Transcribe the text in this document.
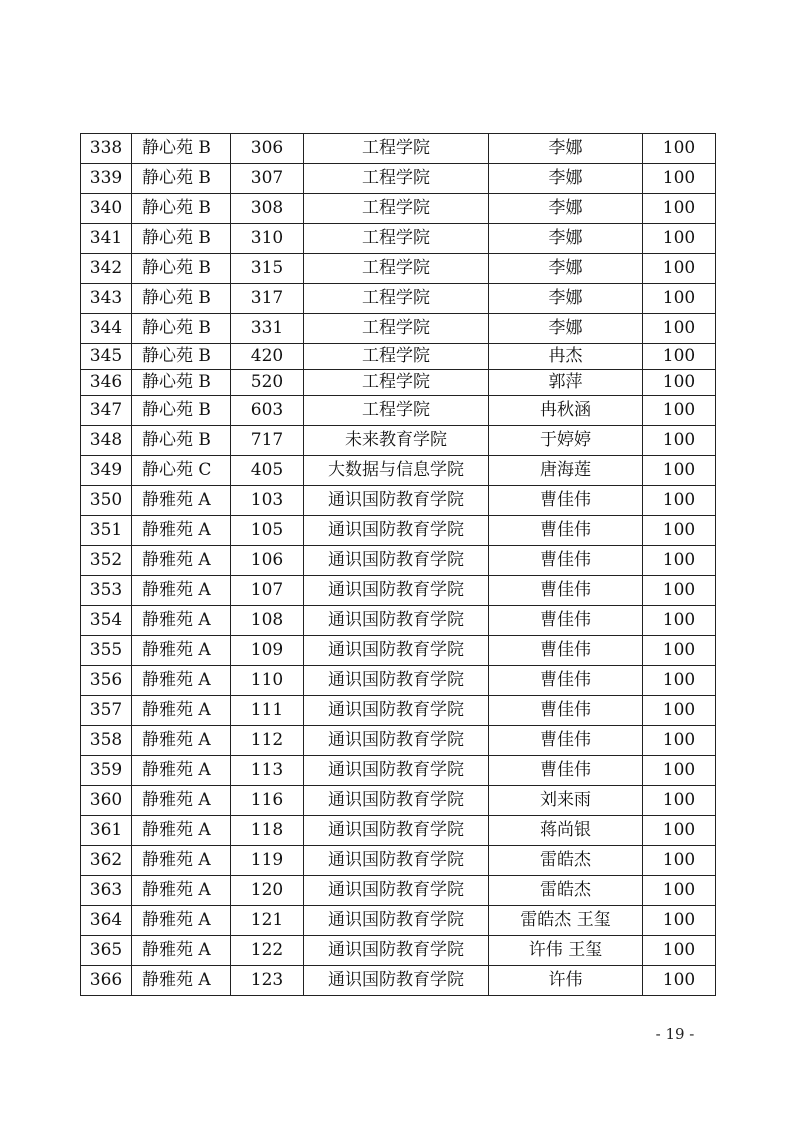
338	静心苑 B	306	工程学院	李娜	100
339	静心苑 B	307	工程学院	李娜	100
340	静心苑 B	308	工程学院	李娜	100
341	静心苑 B	310	工程学院	李娜	100
342	静心苑 B	315	工程学院	李娜	100
343	静心苑 B	317	工程学院	李娜	100
344	静心苑 B	331	工程学院	李娜	100
345	静心苑 B	420	工程学院	冉杰	100
346	静心苑 B	520	工程学院	郭萍	100
347	静心苑 B	603	工程学院	冉秋涵	100
348	静心苑 B	717	未来教育学院	于婷婷	100
349	静心苑 C	405	大数据与信息学院	唐海莲	100
350	静雅苑 A	103	通识国防教育学院	曹佳伟	100
351	静雅苑 A	105	通识国防教育学院	曹佳伟	100
352	静雅苑 A	106	通识国防教育学院	曹佳伟	100
353	静雅苑 A	107	通识国防教育学院	曹佳伟	100
354	静雅苑 A	108	通识国防教育学院	曹佳伟	100
355	静雅苑 A	109	通识国防教育学院	曹佳伟	100
356	静雅苑 A	110	通识国防教育学院	曹佳伟	100
357	静雅苑 A	111	通识国防教育学院	曹佳伟	100
358	静雅苑 A	112	通识国防教育学院	曹佳伟	100
359	静雅苑 A	113	通识国防教育学院	曹佳伟	100
360	静雅苑 A	116	通识国防教育学院	刘来雨	100
361	静雅苑 A	118	通识国防教育学院	蒋尚银	100
362	静雅苑 A	119	通识国防教育学院	雷皓杰	100
363	静雅苑 A	120	通识国防教育学院	雷皓杰	100
364	静雅苑 A	121	通识国防教育学院	雷皓杰 王玺	100
365	静雅苑 A	122	通识国防教育学院	许伟 王玺	100
366	静雅苑 A	123	通识国防教育学院	许伟	100
- 19 -
